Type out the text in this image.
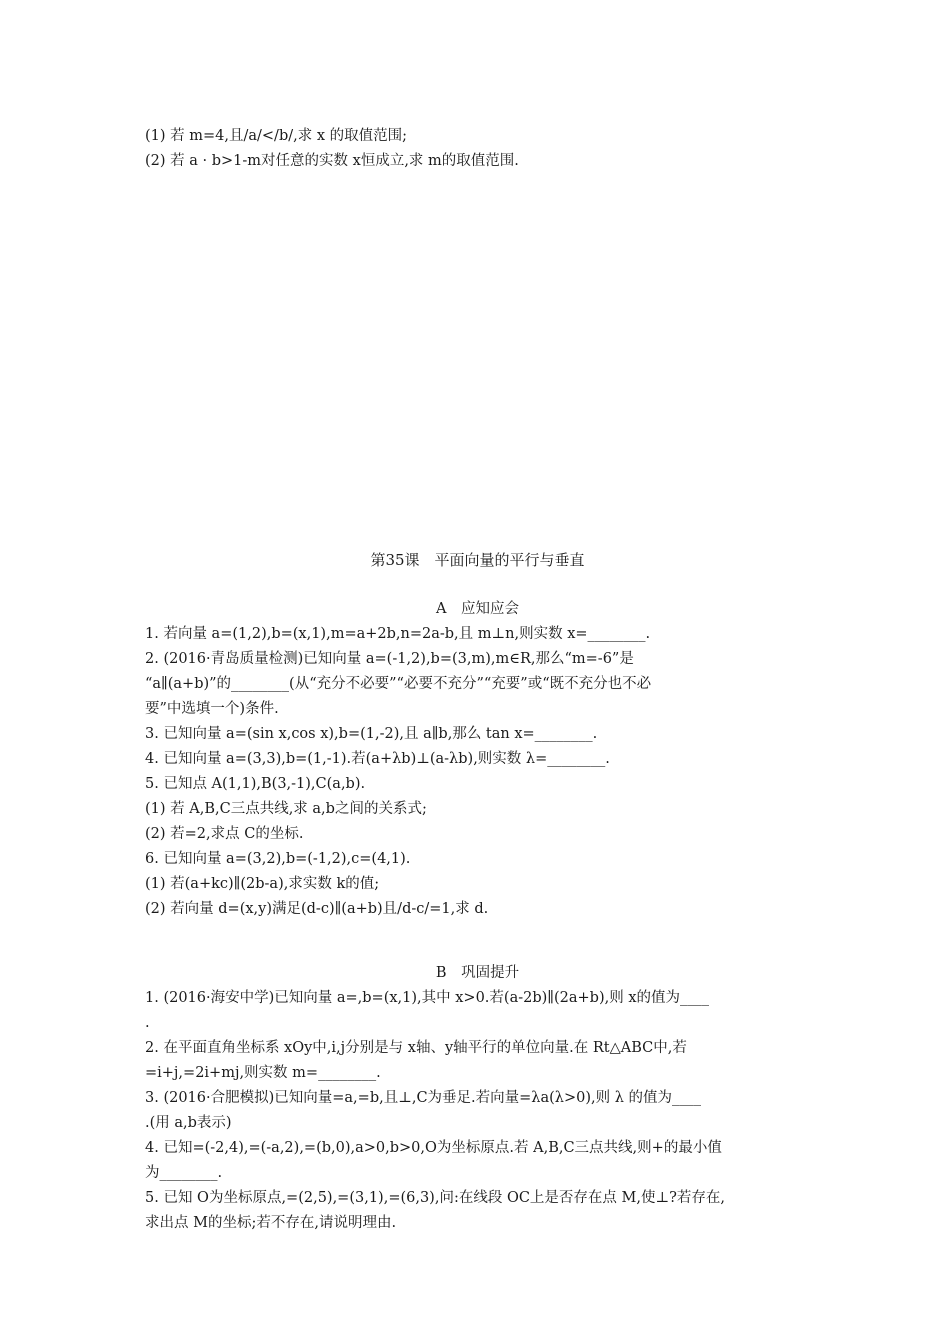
(1) 若 m=4,且/a/</b/,求 x 的取值范围;
(2) 若 a · b>1-m对任意的实数 x恒成立,求 m的取值范围.
第35课　平面向量的平行与垂直
A　应知应会
1. 若向量 a=(1,2),b=(x,1),m=a+2b,n=2a-b,且 m⊥n,则实数 x=________.
2. (2016·青岛质量检测)已知向量 a=(-1,2),b=(3,m),m∈R,那么“m=-6”是
“a∥(a+b)”的________(从“充分不必要”“必要不充分”“充要”或“既不充分也不必
要”中选填一个)条件.
3. 已知向量 a=(sin x,cos x),b=(1,-2),且 a∥b,那么 tan x=________.
4. 已知向量 a=(3,3),b=(1,-1).若(a+λb)⊥(a-λb),则实数 λ=________.
5. 已知点 A(1,1),B(3,-1),C(a,b).
(1) 若 A,B,C三点共线,求 a,b之间的关系式;
(2) 若=2,求点 C的坐标.
6. 已知向量 a=(3,2),b=(-1,2),c=(4,1).
(1) 若(a+kc)∥(2b-a),求实数 k的值;
(2) 若向量 d=(x,y)满足(d-c)∥(a+b)且/d-c/=1,求 d.
B　巩固提升
1. (2016·海安中学)已知向量 a=,b=(x,1),其中 x>0.若(a-2b)∥(2a+b),则 x的值为____
.
2. 在平面直角坐标系 xOy中,i,j分别是与 x轴、y轴平行的单位向量.在 Rt△ABC中,若
=i+j,=2i+mj,则实数 m=________.
3. (2016·合肥模拟)已知向量=a,=b,且⊥,C为垂足.若向量=λa(λ>0),则 λ 的值为____
.(用 a,b表示)
4. 已知=(-2,4),=(-a,2),=(b,0),a>0,b>0,O为坐标原点.若 A,B,C三点共线,则+的最小值
为________.
5. 已知 O为坐标原点,=(2,5),=(3,1),=(6,3),问:在线段 OC上是否存在点 M,使⊥?若存在,
求出点 M的坐标;若不存在,请说明理由.
